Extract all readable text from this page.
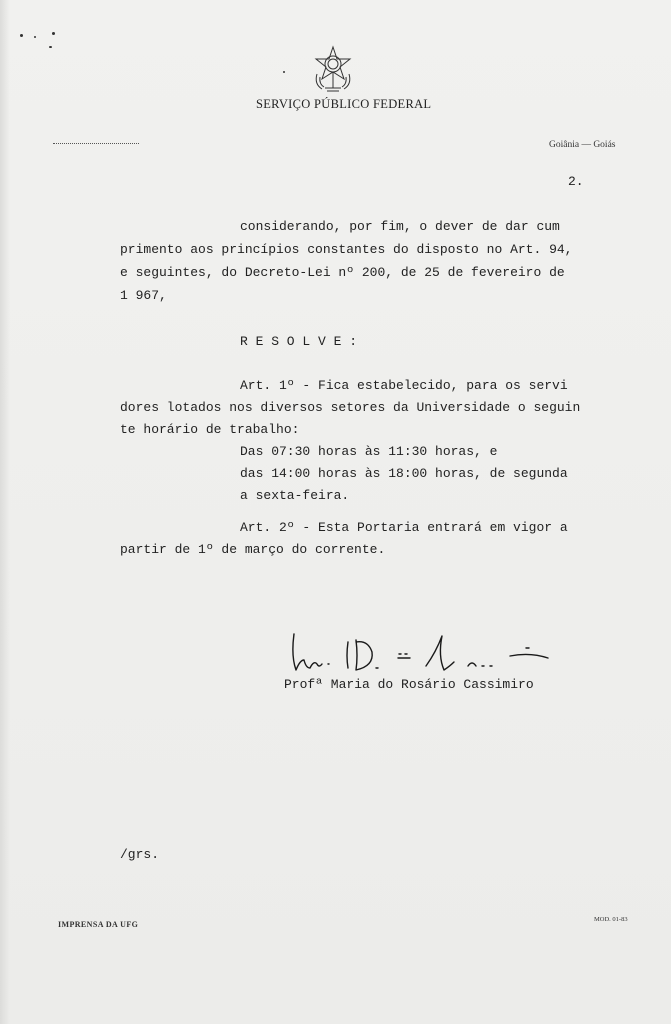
SERVIÇO PÚBLICO FEDERAL
Goiânia — Goiás
2.
considerando, por fim, o dever de dar cum
primento aos princípios constantes do disposto no Art. 94,
e seguintes, do Decreto-Lei nº 200, de 25 de fevereiro de
1 967,
R E S O L V E :
Art. 1º - Fica estabelecido, para os servi
dores lotados nos diversos setores da Universidade o seguin
te horário de trabalho:
Das 07:30 horas às 11:30 horas, e
das 14:00 horas às 18:00 horas, de segunda
a sexta-feira.
Art. 2º - Esta Portaria entrará em vigor a
partir de 1º de março do corrente.
Profª Maria do Rosário Cassimiro
/grs.
IMPRENSA DA UFG
MOD. 01-83
